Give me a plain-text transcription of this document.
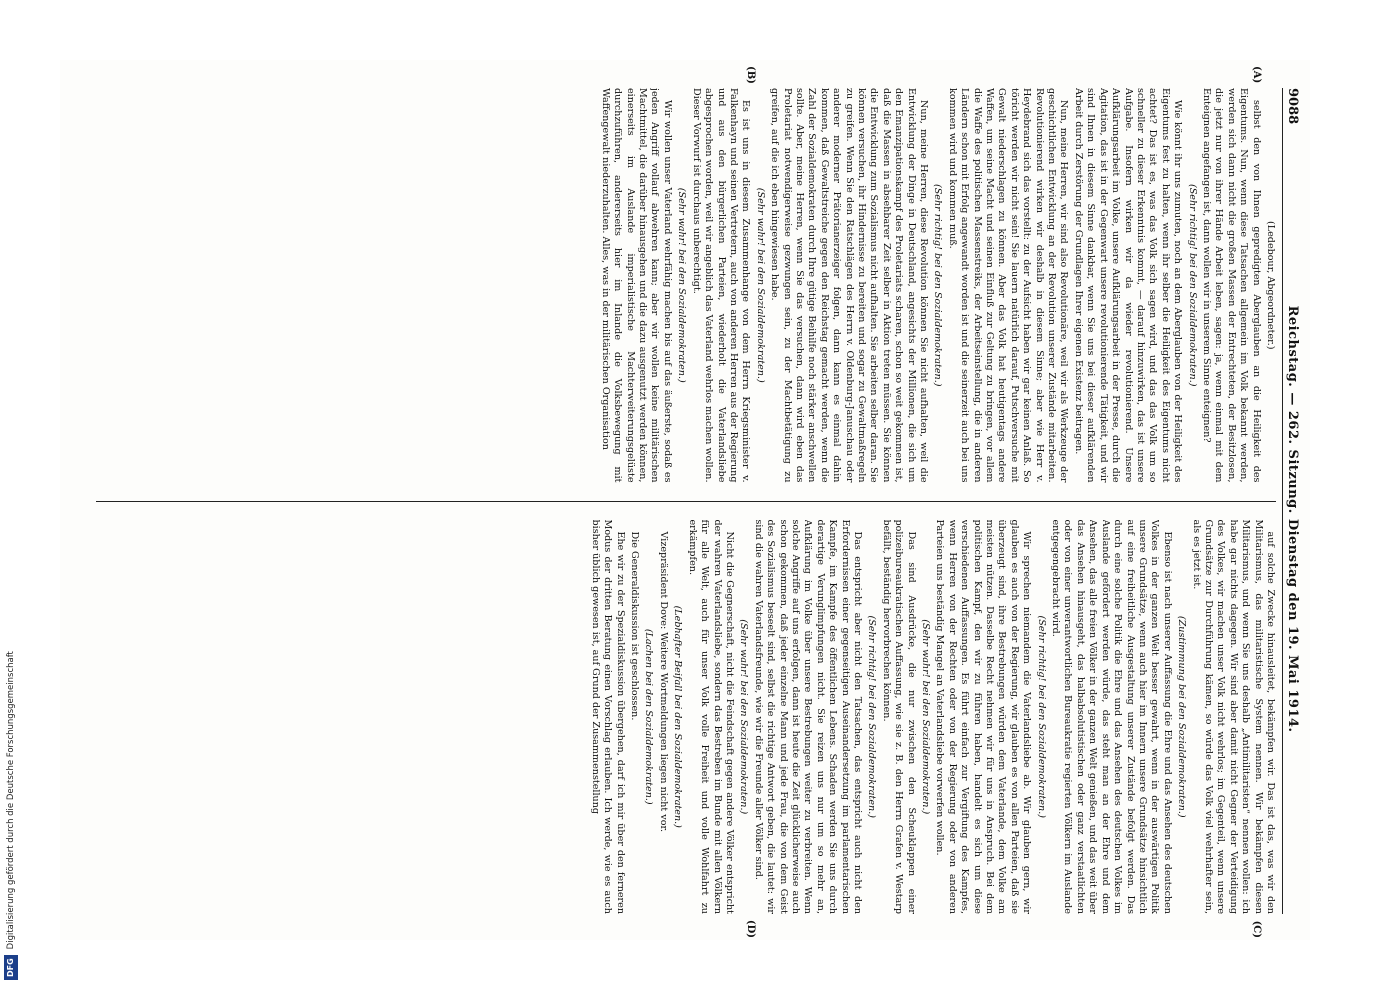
DFGDigitalisierung gefördert durch die Deutsche Forschungsgemeinschaft
9088
Reichstag. — 262. Sitzung. Dienstag den 19. Mai 1914.
(A)
(B)
(C)
(D)

(Ledebour, Abgeordneter.)

selbst den von Ihnen gepredigten Aberglauben an die Heiligkeit des Eigentums. Nun, wenn diese Tatsachen allgemein im Volk bekannt werden, werden sich dann nicht die großen Massen der Entrechteten, der Besitzlosen, die jetzt nur von ihrer Hände Arbeit leben, sagen: ja, wenn einmal mit dem Enteignen angefangen ist, dann wollen wir in unserem Sinne enteignen?

(Sehr richtig! bei den Sozialdemokraten.)

Wie könnt ihr uns zumuten, noch an dem Aberglauben von der Heiligkeit des Eigentums fest zu halten, wenn ihr selber die Heiligkeit des Eigentums nicht achtet? Das ist es, was das Volk sich sagen wird, und das das Volk um so schneller zu dieser Erkenntnis kommt, — darauf hinzuwirken, das ist unsere Aufgabe. Insofern wirken wir da wieder revolutionierend. Unsere Aufklärungsarbeit im Volke, unsere Aufklärungsarbeit in der Presse, durch die Agitation, das ist in der Gegenwart unsere revolutionierende Tätigkeit, und wir sind Ihnen in diesem Sinne dankbar, wenn Sie uns bei dieser aufklärenden Arbeit durch Zerstörung der Grundlagen Ihrer eigenen Existenz beitragen.

Nun, meine Herren, wir sind also Revolutionäre, weil wir als Werkzeuge der geschichtlichen Entwicklung an der Revolution unserer Zustände mitarbeiten. Revolutionierend wirken wir deshalb in diesem Sinne; aber wie Herr v. Heydebrand sich das vorstellt: zu der Aufsicht haben wir gar keinen Anlaß. So töricht werden wir nicht sein! Sie lauern natürlich darauf, Putschversuche mit Gewalt niederschlagen zu können. Aber das Volk hat heutigentags andere Waffen, um seine Macht und seinen Einfluß zur Geltung zu bringen, vor allem die Waffe des politischen Massenstreiks, der Arbeitseinstellung, die in anderen Ländern schon mit Erfolg angewandt worden ist und die seinerzeit auch bei uns kommen wird und kommen muß.

(Sehr richtig! bei den Sozialdemokraten.)

Nun, meine Herren, diese Revolution können Sie nicht aufhalten, weil die Entwicklung der Dinge in Deutschland, angesichts der Millionen, die sich um den Emanzipationskampf des Proletariats scharen, schon so weit gekommen ist, daß die Massen in absehbarer Zeit selber in Aktion treten müssen. Sie können die Entwicklung zum Sozialismus nicht aufhalten. Sie arbeiten selber daran. Sie können versuchen, ihr Hindernisse zu bereiten und sogar zu Gewaltmaßregeln zu greifen. Wenn Sie den Ratschlägen des Herrn v. Oldenburg-Januschau oder anderer moderner Prätorianerzeiger folgen, dann kann es einmal dahin kommen, daß Gewaltstreiche gegen den Reichstag gemacht werden, wenn die Zahl der Sozialdemokraten durch Ihre gütige Beihilfe noch stärker anschwellen sollte. Aber, meine Herren, wenn Sie das versuchen, dann wird eben das Proletariat notwendigerweise gezwungen sein, zu der Machtbetätigung zu greifen, auf die ich eben hingewiesen habe.

(Sehr wahr! bei den Sozialdemokraten.)

Es ist uns in diesem Zusammenhange von dem Herrn Kriegsminister v. Falkenhayn und seinen Vertretern, auch von anderen Herren aus der Regierung und aus den bürgerlichen Parteien, wiederholt die Vaterlandsliebe abgesprochen worden, weil wir angeblich das Vaterland wehrlos machen wollen. Dieser Vorwurf ist durchaus unberechtigt.

(Sehr wahr! bei den Sozialdemokraten.)

Wir wollen unser Vaterland wehrfähig machen bis auf das äußerste, sodaß es jeden Angriff vollauf abwehren kann; aber wir wollen keine militärischen Machtmittel, die darüber hinausgehen und die dazu ausgenutzt werden können, einerseits im Auslande imperialistische Machterweiterungsgelüste durchzuführen, andererseits hier im Inlande die Volksbewegung mit Waffengewalt niederzuhalten. Alles, was in der militärischen Organisation

auf solche Zwecke hinausleitet, bekämpfen wir. Das ist das, was wir den Militarismus, das militaristische System nennen. Wir bekämpfen diesen Militarismus, und wenn Sie uns deshalb „Antimilitaristen“ nennen wollen: ich habe gar nichts dagegen. Wir sind aber damit nicht Gegner der Verteidigung des Volkes, wir machen unser Volk nicht wehrlos; im Gegenteil, wenn unsere Grundsätze zur Durchführung kämen, so würde das Volk viel wehrhafter sein, als es jetzt ist.

(Zustimmung bei den Sozialdemokraten.)

Ebenso ist nach unserer Auffassung die Ehre und das Ansehen des deutschen Volkes in der ganzen Welt besser gewahrt, wenn in der auswärtigen Politik unsere Grundsätze, wenn auch hier im Innern unsere Grundsätze hinsichtlich auf eine freiheitliche Ausgestaltung unserer Zustände befolgt werden. Das durch eine solche Politik die Ehre und das Ansehen des deutschen Volkes im Auslande gefördert werden würde, das steht man an der Ehre und dem Ansehen, das alle freien Völker in der ganzen Welt genießen, und das weit über das Ansehen hinausgeht, das halbabsolutistischen oder ganz verstaatlichten oder von einer unverantwortlichen Bureaukratie regierten Völkern im Auslande entgegengebracht wird.

(Sehr richtig! bei den Sozialdemokraten.)

Wir sprechen niemandem die Vaterlandsliebe ab. Wir glauben gern, wir glauben es auch von der Regierung, wir glauben es von allen Parteien, daß sie überzeugt sind, ihre Bestrebungen würden dem Vaterlande, dem Volke am meisten nützen. Dasselbe Recht nehmen wir für uns in Anspruch. Bei dem politischen Kampf, den wir zu führen haben, handelt es sich um diese verschiedenen Auffassungen. Es führt einfach zur Vergiftung des Kampfes, wenn Herren von der Rechten oder von der Regierung oder von anderen Parteien uns beständig Mangel an Vaterlandsliebe vorwerfen wollen.

(Sehr wahr! bei den Sozialdemokraten.)

Das sind Ausdrücke, die nur zwischen den Scheuklappen einer polizeibureaukratischen Auffassung, wie sie z. B. den Herrn Grafen v. Westarp befällt, beständig hervorbrechen können.

(Sehr richtig! bei den Sozialdemokraten.)

Das entspricht aber nicht den Tatsachen, das entspricht auch nicht den Erfordernissen einer gegenseitigen Auseinandersetzung im parlamentarischen Kampfe, im Kampfe des öffentlichen Lebens. Schaden werden Sie uns durch derartige Verunglimpfungen nicht. Sie reizen uns nur um so mehr an, Aufklärung im Volke über unsere Bestrebungen weiter zu verbreiten. Wenn solche Angriffe auf uns erfolgen, dann ist heute die Zeit glücklicherweise auch schon gekommen, daß jeder einzelne Mann und jede Frau, die von dem Geist des Sozialismus beseelt sind, selbst die richtige Antwort geben, die lautet: wir sind die wahren Vaterlandsfreunde, wie wir die Freunde aller Völker sind.

(Sehr wahr! bei den Sozialdemokraten.)

Nicht die Gegnerschaft, nicht die Feindschaft gegen andere Völker entspricht der wahren Vaterlandsliebe, sondern das Bestreben im Bunde mit allen Völkern für alle Welt, auch für unser Volk volle Freiheit und volle Wohlfahrt zu erkämpfen.

(Lebhafter Beifall bei den Sozialdemokraten.)

Vizepräsident Dove: Weitere Wortmeldungen liegen nicht vor.

(Lachen bei den Sozialdemokraten.)

Die Generaldiskussion ist geschlossen.

Ehe wir zu der Spezialdiskussion übergehen, darf ich mir über den ferneren Modus der dritten Beratung einen Vorschlag erlauben. Ich werde, wie es auch bisher üblich gewesen ist, auf Grund der Zusammenstellung
